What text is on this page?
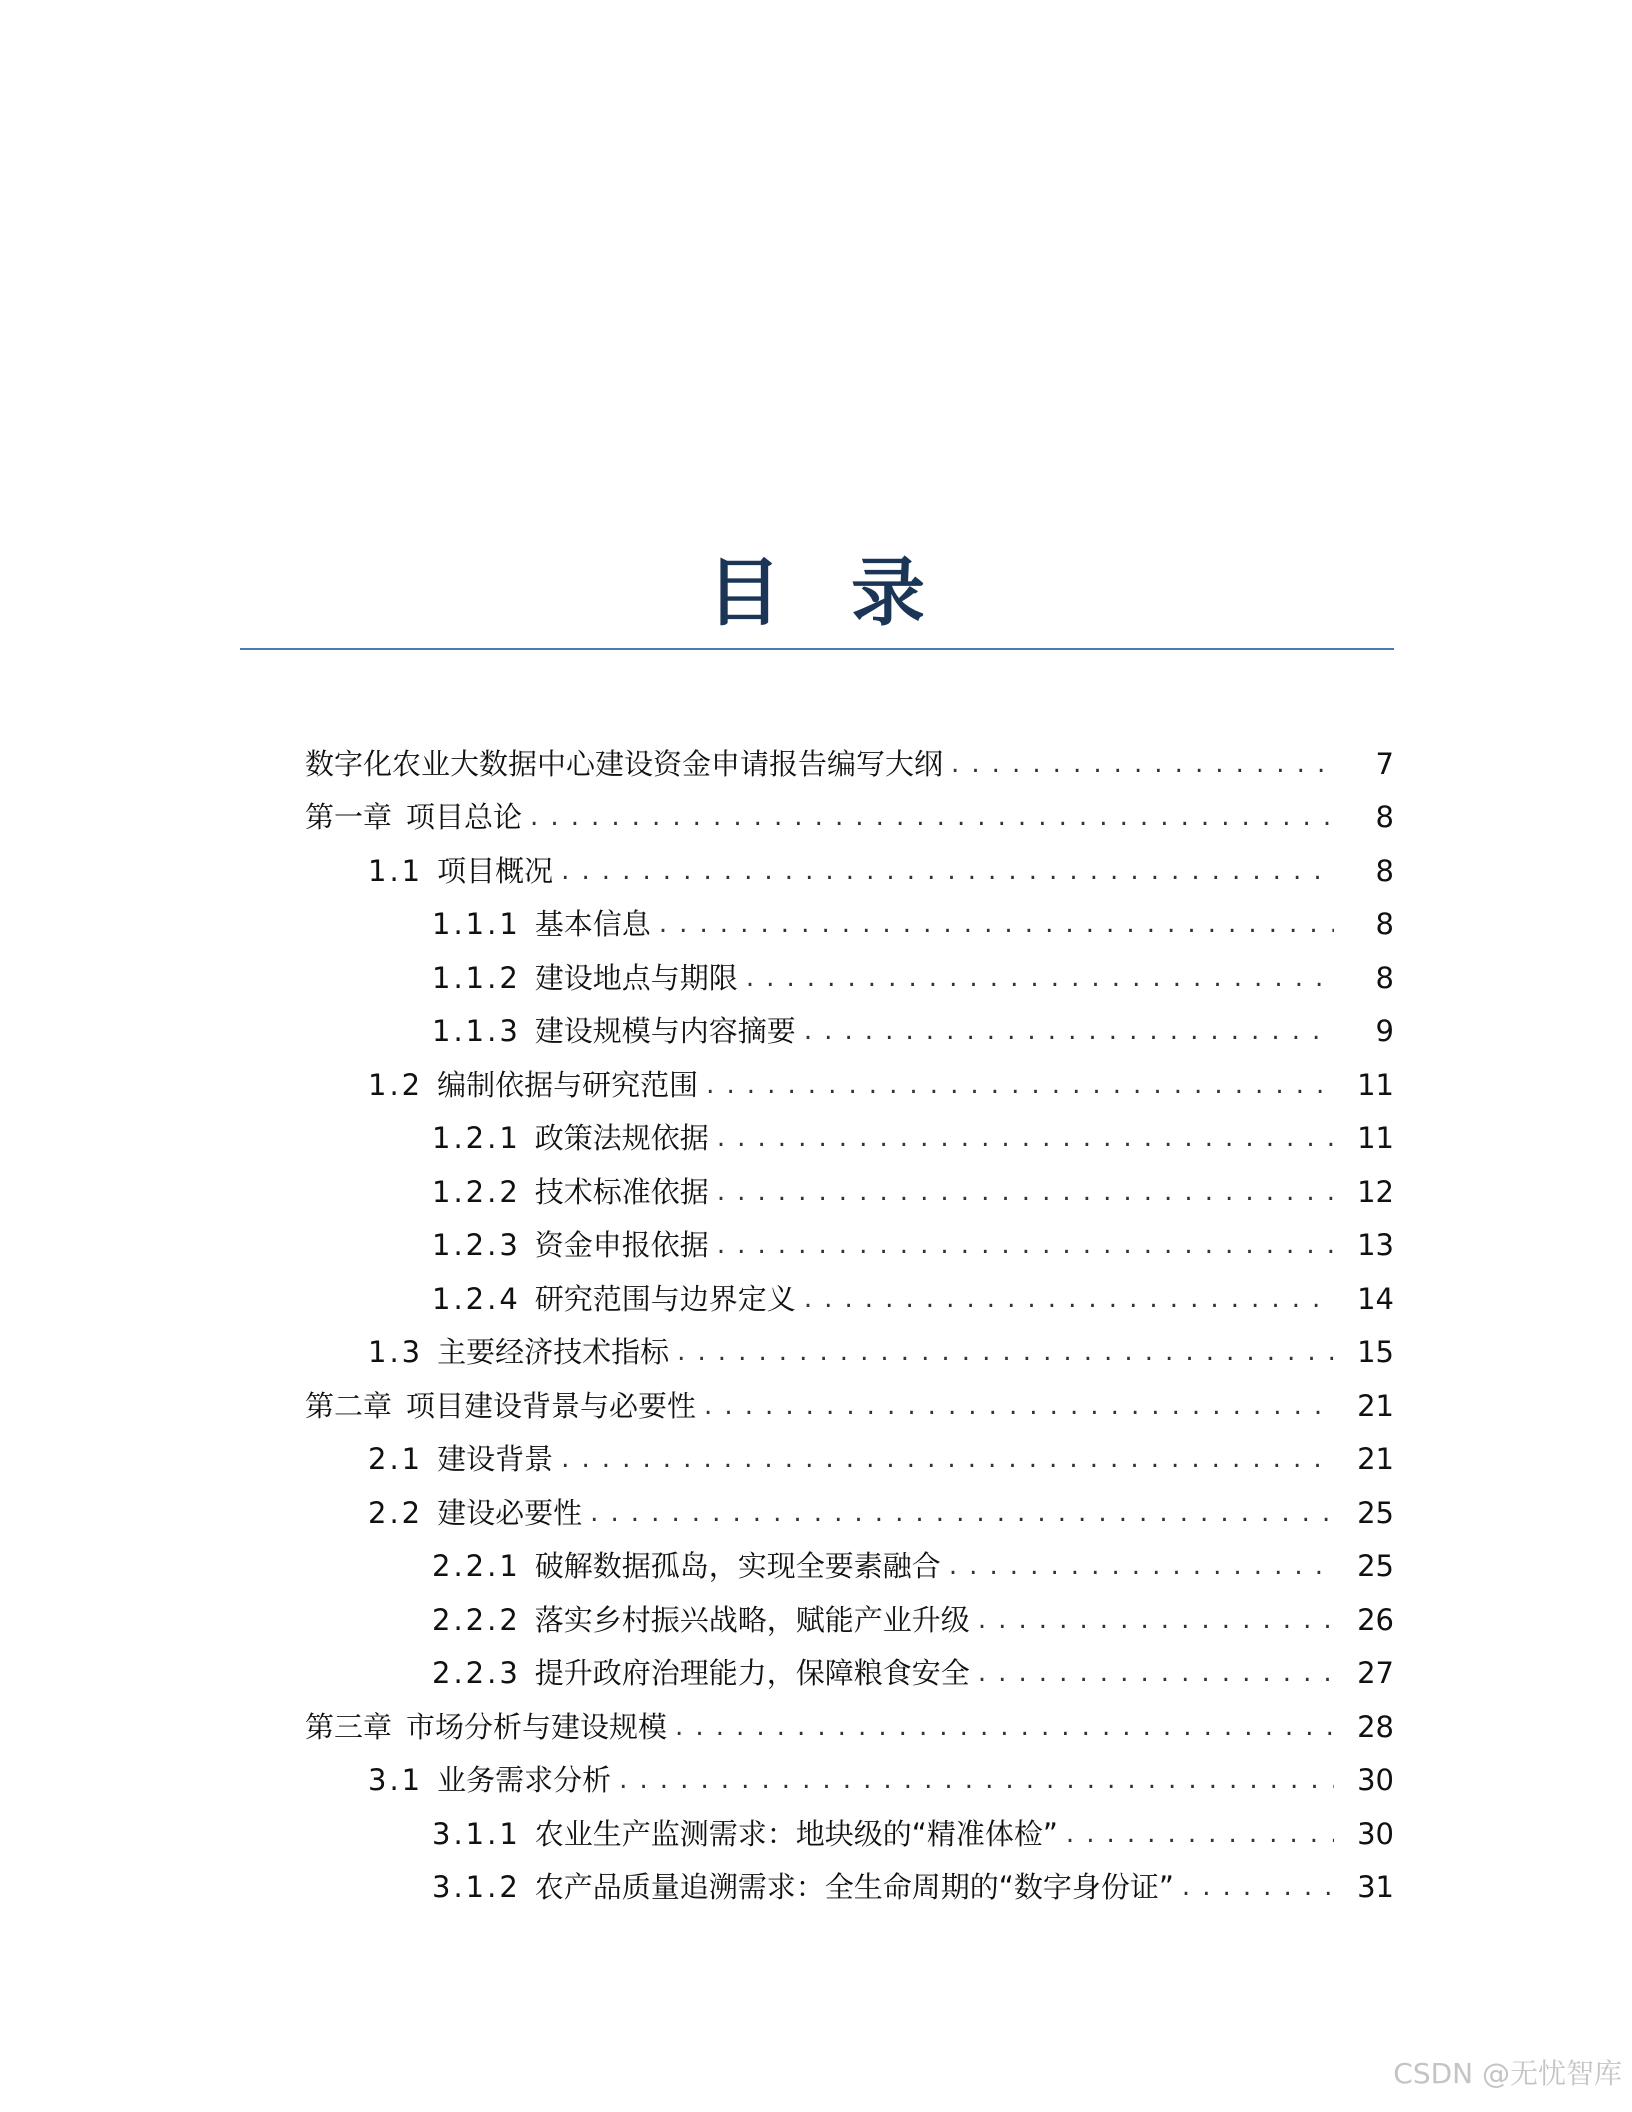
目录
数字化农业大数据中心建设资金申请报告编写大纲 . . .	7
第一章 项目总论 . . .	8
1.1 项目概况 . . .	8
1.1.1 基本信息 . . .	8
1.1.2 建设地点与期限 . . .	8
1.1.3 建设规模与内容摘要 . . .	9
1.2 编制依据与研究范围 . . .	11
1.2.1 政策法规依据 . . .	11
1.2.2 技术标准依据 . . .	12
1.2.3 资金申报依据 . . .	13
1.2.4 研究范围与边界定义 . . .	14
1.3 主要经济技术指标 . . .	15
第二章 项目建设背景与必要性 . . .	21
2.1 建设背景 . . .	21
2.2 建设必要性 . . .	25
2.2.1 破解数据孤岛，实现全要素融合 . . .	25
2.2.2 落实乡村振兴战略，赋能产业升级 . . .	26
2.2.3 提升政府治理能力，保障粮食安全 . . .	27
第三章 市场分析与建设规模 . . .	28
3.1 业务需求分析 . . .	30
3.1.1 农业生产监测需求：地块级的“精准体检” . . .	30
3.1.2 农产品质量追溯需求：全生命周期的“数字身份证” . . .	31
CSDN @无忧智库
